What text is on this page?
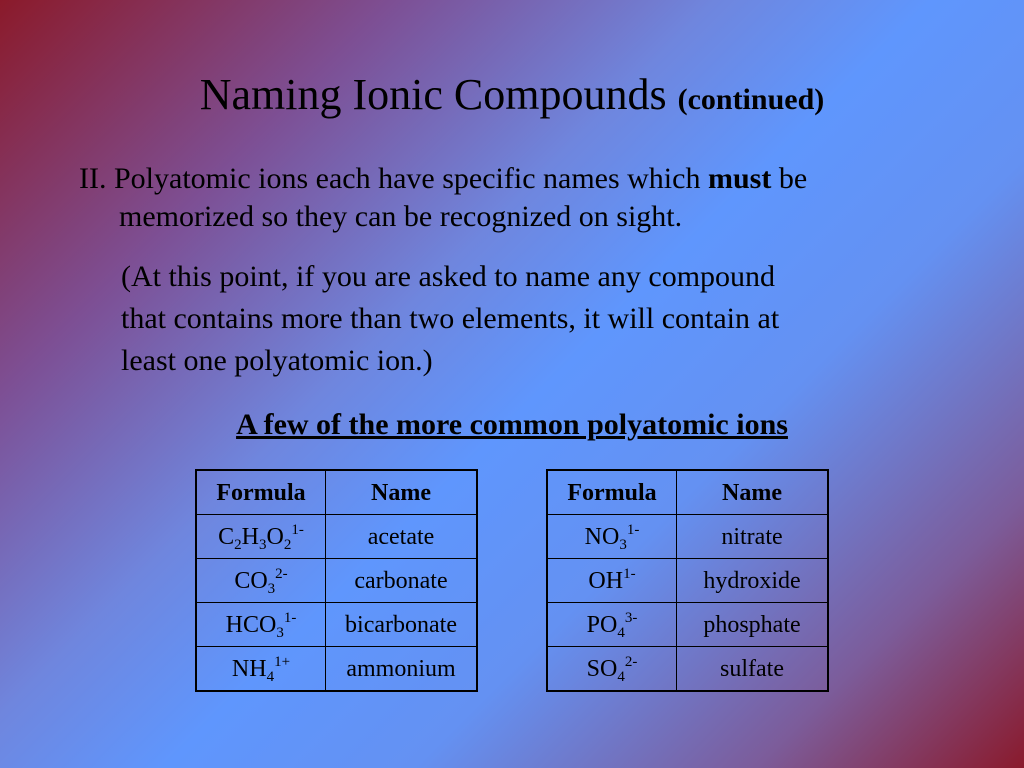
Naming Ionic Compounds (continued)
II. Polyatomic ions each have specific names which must be
memorized so they can be recognized on sight.
(At this point, if you are asked to name any compound
that contains more than two elements, it will contain at
least one polyatomic ion.)
A few of the more common polyatomic ions
Formula	Name
$C_2H_3O_2^{1-}$	acetate
$CO_3^{2-}$	carbonate
$HCO_3^{1-}$	bicarbonate
$NH_4^{1+}$	ammonium
Formula	Name
$NO_3^{1-}$	nitrate
$OH^{1-}$	hydroxide
$PO_4^{3-}$	phosphate
$SO_4^{2-}$	sulfate
